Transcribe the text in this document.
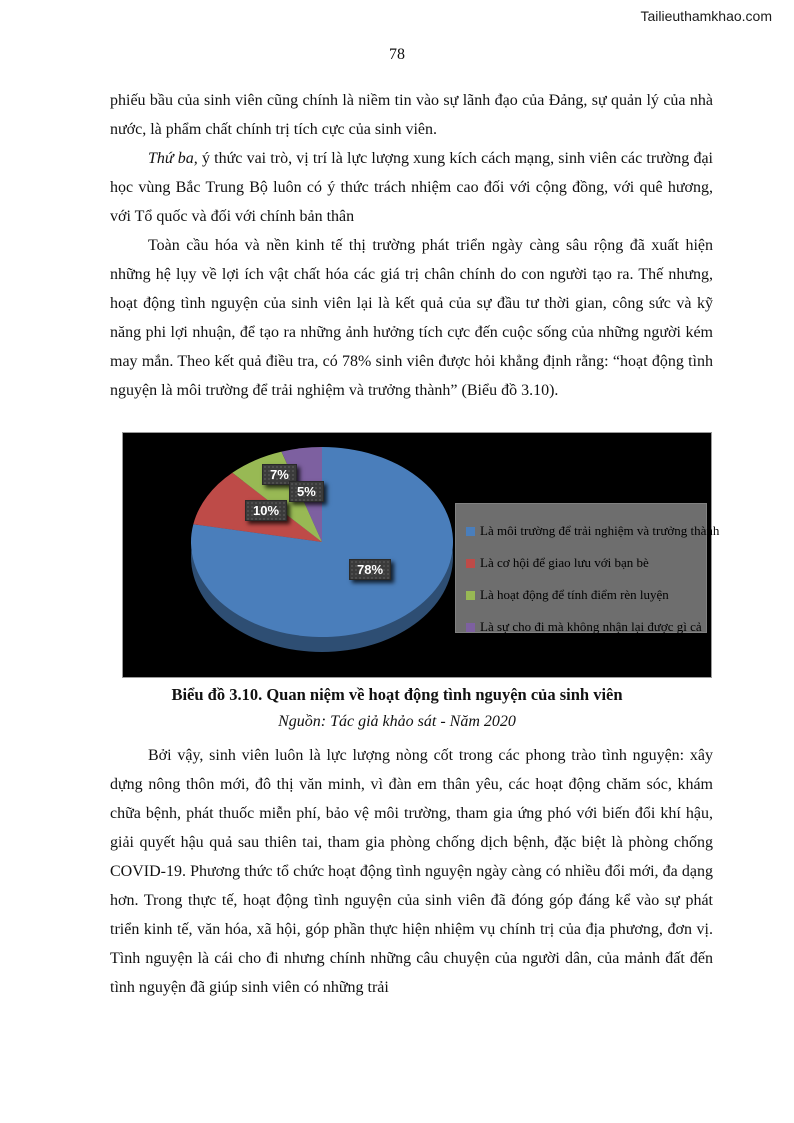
Tailieuthamkhao.com
78

phiếu bầu của sinh viên cũng chính là niềm tin vào sự lãnh đạo của Đảng, sự quản lý của nhà nước, là phẩm chất chính trị tích cực của sinh viên.

Thứ ba, ý thức vai trò, vị trí là lực lượng xung kích cách mạng, sinh viên các trường đại học vùng Bắc Trung Bộ luôn có ý thức trách nhiệm cao đối với cộng đồng, với quê hương, với Tổ quốc và đối với chính bản thân

Toàn cầu hóa và nền kinh tế thị trường phát triển ngày càng sâu rộng đã xuất hiện những hệ lụy về lợi ích vật chất hóa các giá trị chân chính do con người tạo ra. Thế nhưng, hoạt động tình nguyện của sinh viên lại là kết quả của sự đầu tư thời gian, công sức và kỹ năng phi lợi nhuận, để tạo ra những ảnh hưởng tích cực đến cuộc sống của những người kém may mắn. Theo kết quả điều tra, có 78% sinh viên được hỏi khẳng định rằng: “hoạt động tình nguyện là môi trường để trải nghiệm và trưởng thành” (Biểu đồ 3.10).

78%
10%
7%
5%
Là môi trường để trải nghiệm và trưởng thành
Là cơ hội để giao lưu với bạn bè
Là hoạt động để tính điểm rèn luyện
Là sự cho đi mà không nhận lại được gì cả
Biểu đồ 3.10. Quan niệm về hoạt động tình nguyện của sinh viên
Nguồn: Tác giả khảo sát - Năm 2020

Bởi vậy, sinh viên luôn là lực lượng nòng cốt trong các phong trào tình nguyện: xây dựng nông thôn mới, đô thị văn minh, vì đàn em thân yêu, các hoạt động chăm sóc, khám chữa bệnh, phát thuốc miễn phí, bảo vệ môi trường, tham gia ứng phó với biến đổi khí hậu, giải quyết hậu quả sau thiên tai, tham gia phòng chống dịch bệnh, đặc biệt là phòng chống COVID-19. Phương thức tổ chức hoạt động tình nguyện ngày càng có nhiều đổi mới, đa dạng hơn. Trong thực tế, hoạt động tình nguyện của sinh viên đã đóng góp đáng kể vào sự phát triển kinh tế, văn hóa, xã hội, góp phần thực hiện nhiệm vụ chính trị của địa phương, đơn vị. Tình nguyện là cái cho đi nhưng chính những câu chuyện của người dân, của mảnh đất đến tình nguyện đã giúp sinh viên có những trải
